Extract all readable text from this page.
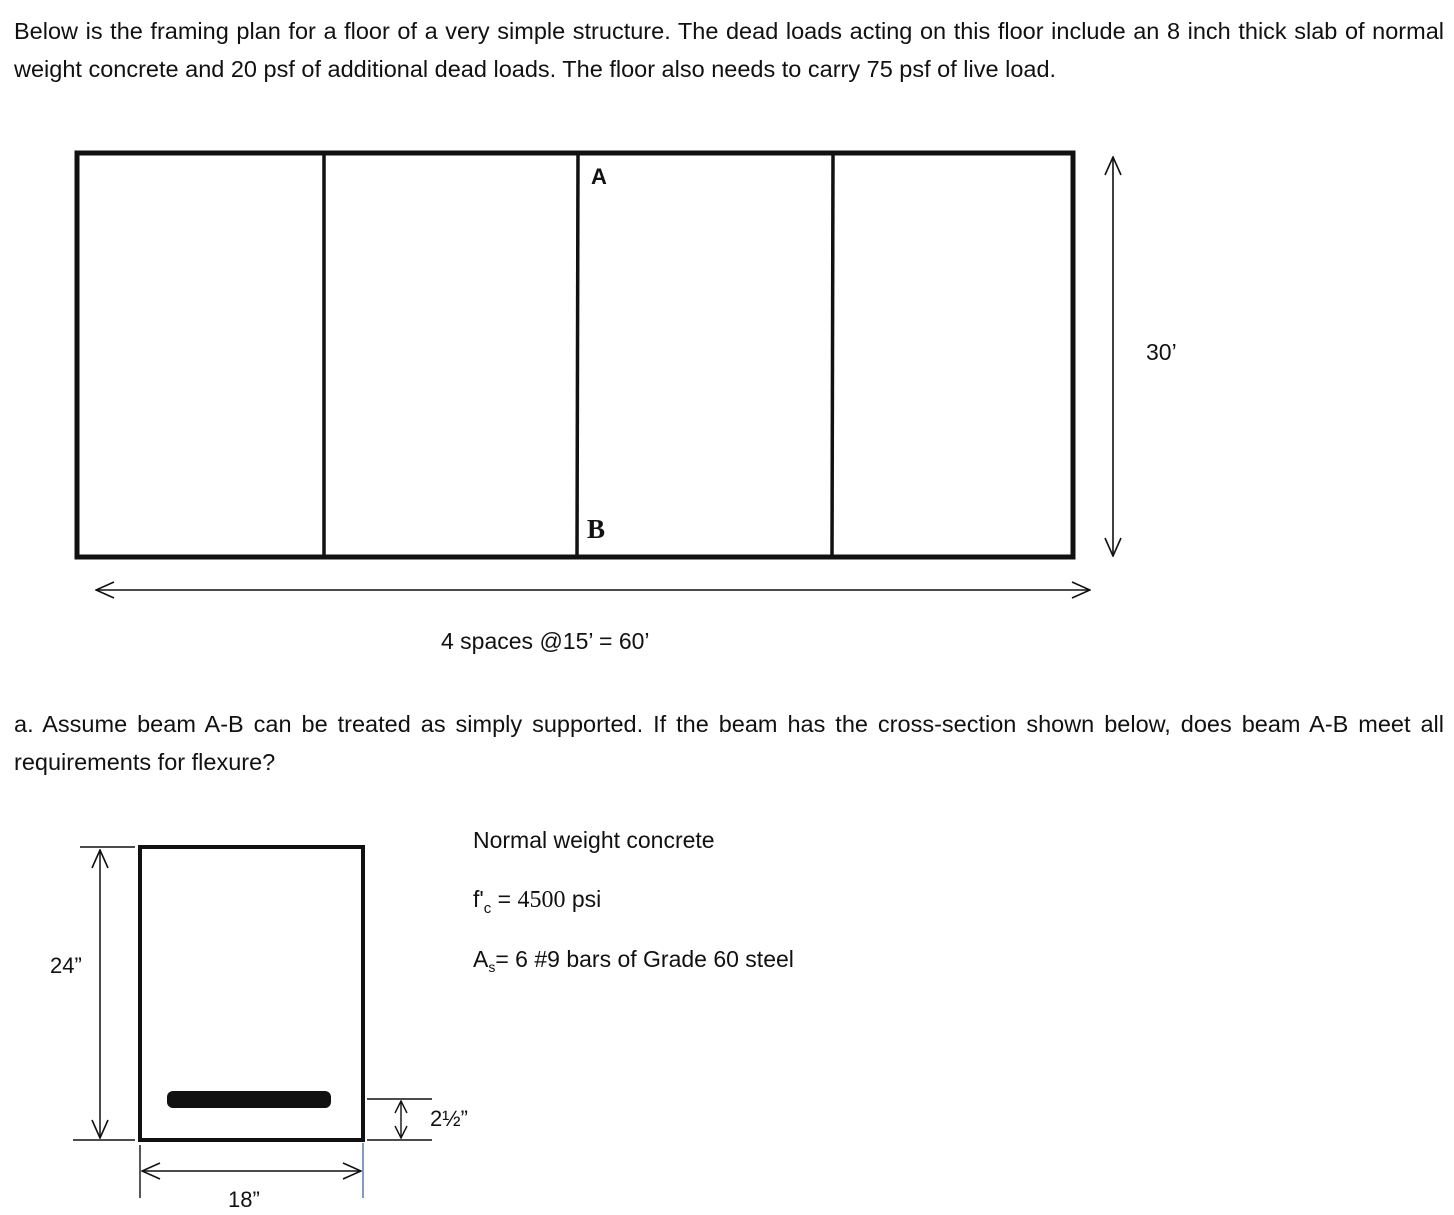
Below is the framing plan for a floor of a very simple structure. The dead loads acting on this floor include an 8 inch thick slab of normal weight concrete and 20 psf of additional dead loads. The floor also needs to carry 75 psf of live load.

a. Assume beam A-B can be treated as simply supported. If the beam has the cross-section shown below, does beam A-B meet all requirements for flexure?

A
B
30’
4 spaces @15’ = 60’
24”
18”
2½”
Normal weight concrete
$f'_c = 4500$ psi
$A_s= 6$ #9 bars of Grade 60 steel
